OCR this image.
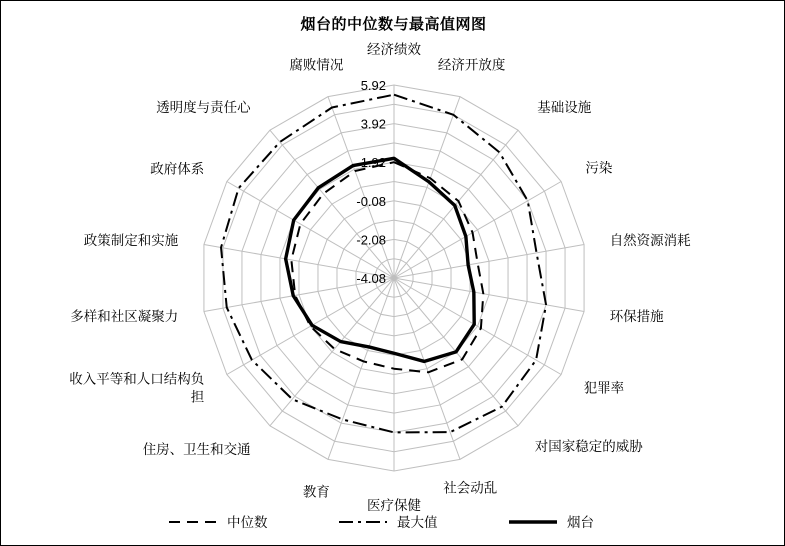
烟台的中位数与最高值网图
5.92
3.92
1.92
-0.08
-2.08
-4.08
经济绩效
经济开放度
基础设施
污染
自然资源消耗
环保措施
犯罪率
对国家稳定的威胁
社会动乱
医疗保健
教育
住房、卫生和交通
收入平等和人口结构负
担
多样和社区凝聚力
政策制定和实施
政府体系
透明度与责任心
腐败情况
中位数	最大值	烟台
